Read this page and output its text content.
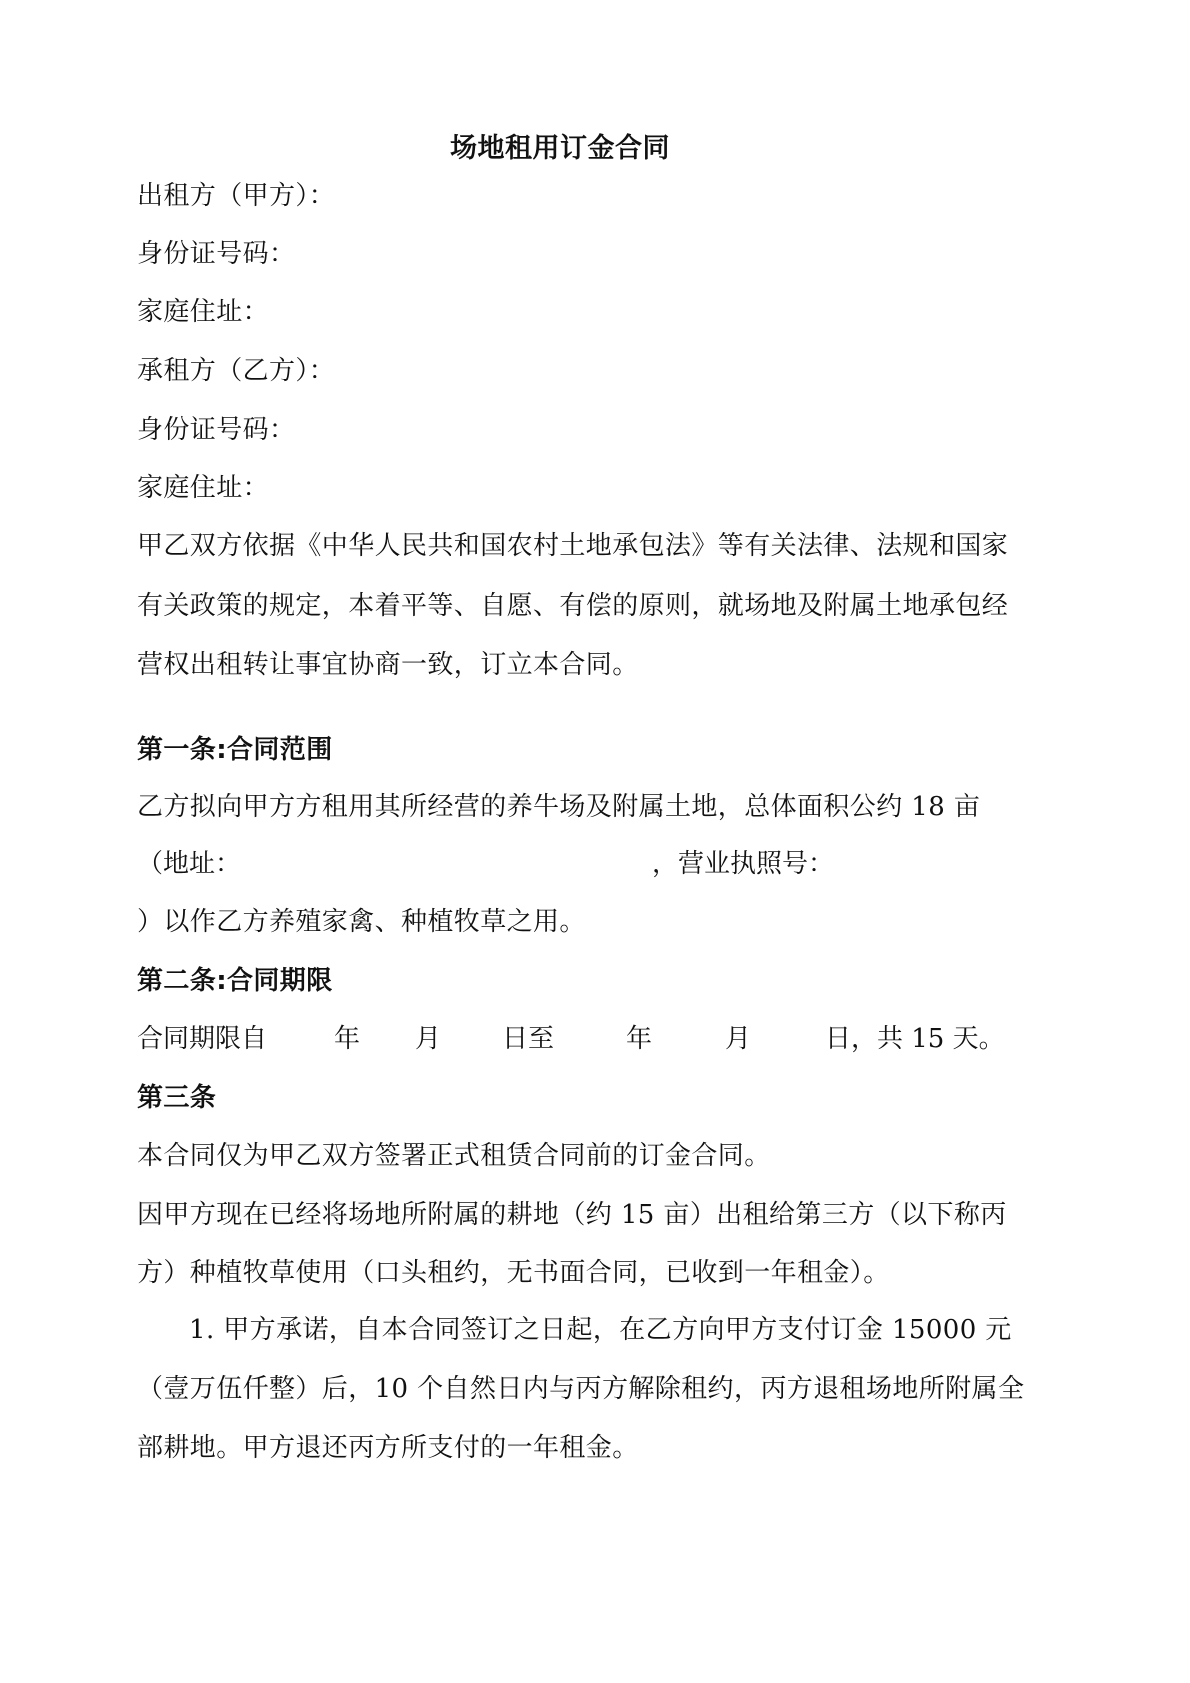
场地租用订金合同
出租方（甲方）：
身份证号码：
家庭住址：
承租方（乙方）：
身份证号码：
家庭住址：
甲乙双方依据《中华人民共和国农村土地承包法》等有关法律、法规和国家
有关政策的规定，本着平等、自愿、有偿的原则，就场地及附属土地承包经
营权出租转让事宜协商一致，订立本合同。
第一条:合同范围
乙方拟向甲方方租用其所经营的养牛场及附属土地，总体面积公约 18 亩
（地址：	，营业执照号：
）以作乙方养殖家禽、种植牧草之用。
第二条:合同期限
合同期限自	年 月 日至	年	月	日，共 15 天。
第三条
本合同仅为甲乙双方签署正式租赁合同前的订金合同。
因甲方现在已经将场地所附属的耕地（约 15 亩）出租给第三方（以下称丙
方）种植牧草使用（口头租约，无书面合同，已收到一年租金）。
1. 甲方承诺，自本合同签订之日起，在乙方向甲方支付订金 15000 元
（壹万伍仟整）后，10 个自然日内与丙方解除租约，丙方退租场地所附属全
部耕地。甲方退还丙方所支付的一年租金。
